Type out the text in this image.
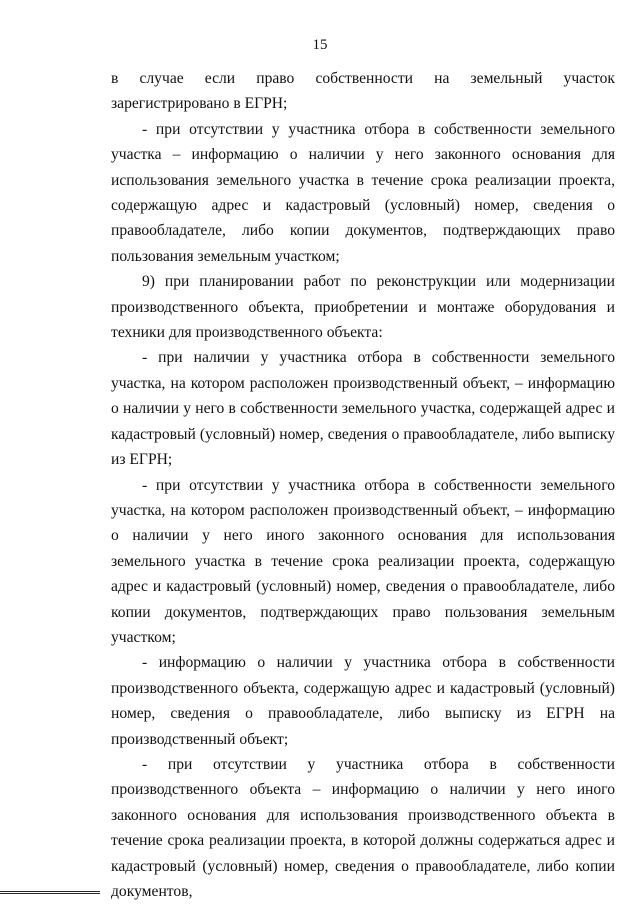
15

в случае если право собственности на земельный участок зарегистрировано в ЕГРН;

- при отсутствии у участника отбора в собственности земельного участка – информацию о наличии у него законного основания для использования земельного участка в течение срока реализации проекта, содержащую адрес и кадастровый (условный) номер, сведения о правообладателе, либо копии документов, подтверждающих право пользования земельным участком;

9) при планировании работ по реконструкции или модернизации производственного объекта, приобретении и монтаже оборудования и техники для производственного объекта:

- при наличии у участника отбора в собственности земельного участка, на котором расположен производственный объект, – информацию о наличии у него в собственности земельного участка, содержащей адрес и кадастровый (условный) номер, сведения о правообладателе, либо выписку из ЕГРН;

- при отсутствии у участника отбора в собственности земельного участка, на котором расположен производственный объект, – информацию о наличии у него иного законного основания для использования земельного участка в течение срока реализации проекта, содержащую адрес и кадастровый (условный) номер, сведения о правообладателе, либо копии документов, подтверждающих право пользования земельным участком;

- информацию о наличии у участника отбора в собственности производственного объекта, содержащую адрес и кадастровый (условный) номер, сведения о правообладателе, либо выписку из ЕГРН на производственный объект;

- при отсутствии у участника отбора в собственности производственного объекта – информацию о наличии у него иного законного основания для использования производственного объекта в течение срока реализации проекта, в которой должны содержаться адрес и кадастровый (условный) номер, сведения о правообладателе, либо копии документов,
